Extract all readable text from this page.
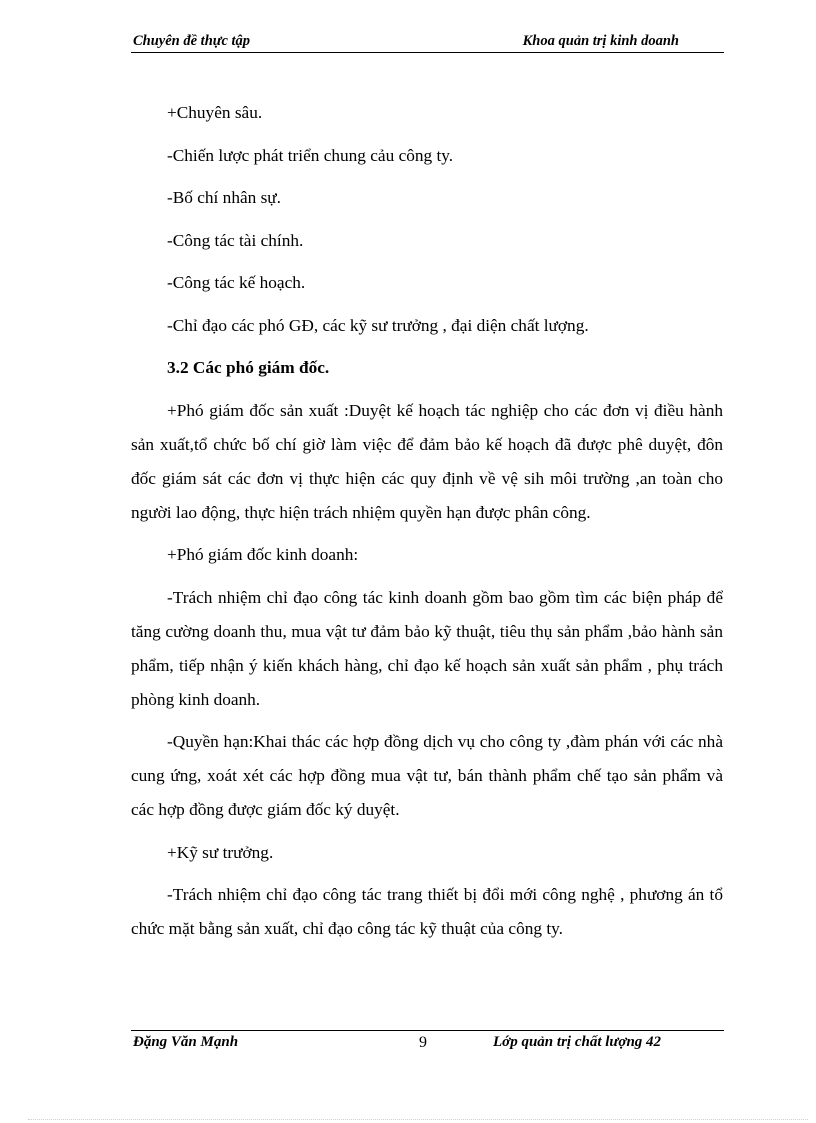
Chuyên đề thực tập	Khoa quản trị kinh doanh

+Chuyên sâu.

-Chiến lược phát triển chung cảu công ty.

-Bố chí nhân sự.

-Công tác tài chính.

-Công tác kế hoạch.

-Chỉ đạo các phó GĐ, các kỹ sư trưởng , đại diện chất lượng.

3.2 Các phó giám đốc.

+Phó giám đốc sản xuất :Duyệt kế hoạch tác nghiệp cho các đơn vị điều hành sản xuất,tổ chức bố chí giờ làm việc để đảm bảo kế hoạch đã được phê duyệt, đôn đốc giám sát các đơn vị thực hiện các quy định về vệ sih môi trường ,an toàn cho người lao động, thực hiện trách nhiệm quyền hạn được phân công.

+Phó giám đốc kinh doanh:

-Trách nhiệm chỉ đạo công tác kinh doanh gồm bao gồm tìm các biện pháp để tăng cường doanh thu, mua vật tư đảm bảo kỹ thuật, tiêu thụ sản phẩm ,bảo hành sản phẩm, tiếp nhận ý kiến khách hàng, chỉ đạo kế hoạch sản xuất sản phẩm , phụ trách phòng kinh doanh.

-Quyền hạn:Khai thác các hợp đồng dịch vụ cho công ty ,đàm phán với các nhà cung ứng, xoát xét các hợp đồng mua vật tư, bán thành phẩm chế tạo sản phẩm và các hợp đồng được giám đốc ký duyệt.

+Kỹ sư trưởng.

-Trách nhiệm chỉ đạo công tác trang thiết bị đổi mới công nghệ , phương án tổ chức mặt bằng sản xuất, chỉ đạo công tác kỹ thuật của công ty.

Đặng Văn Mạnh	9	Lớp quản trị chất lượng 42
